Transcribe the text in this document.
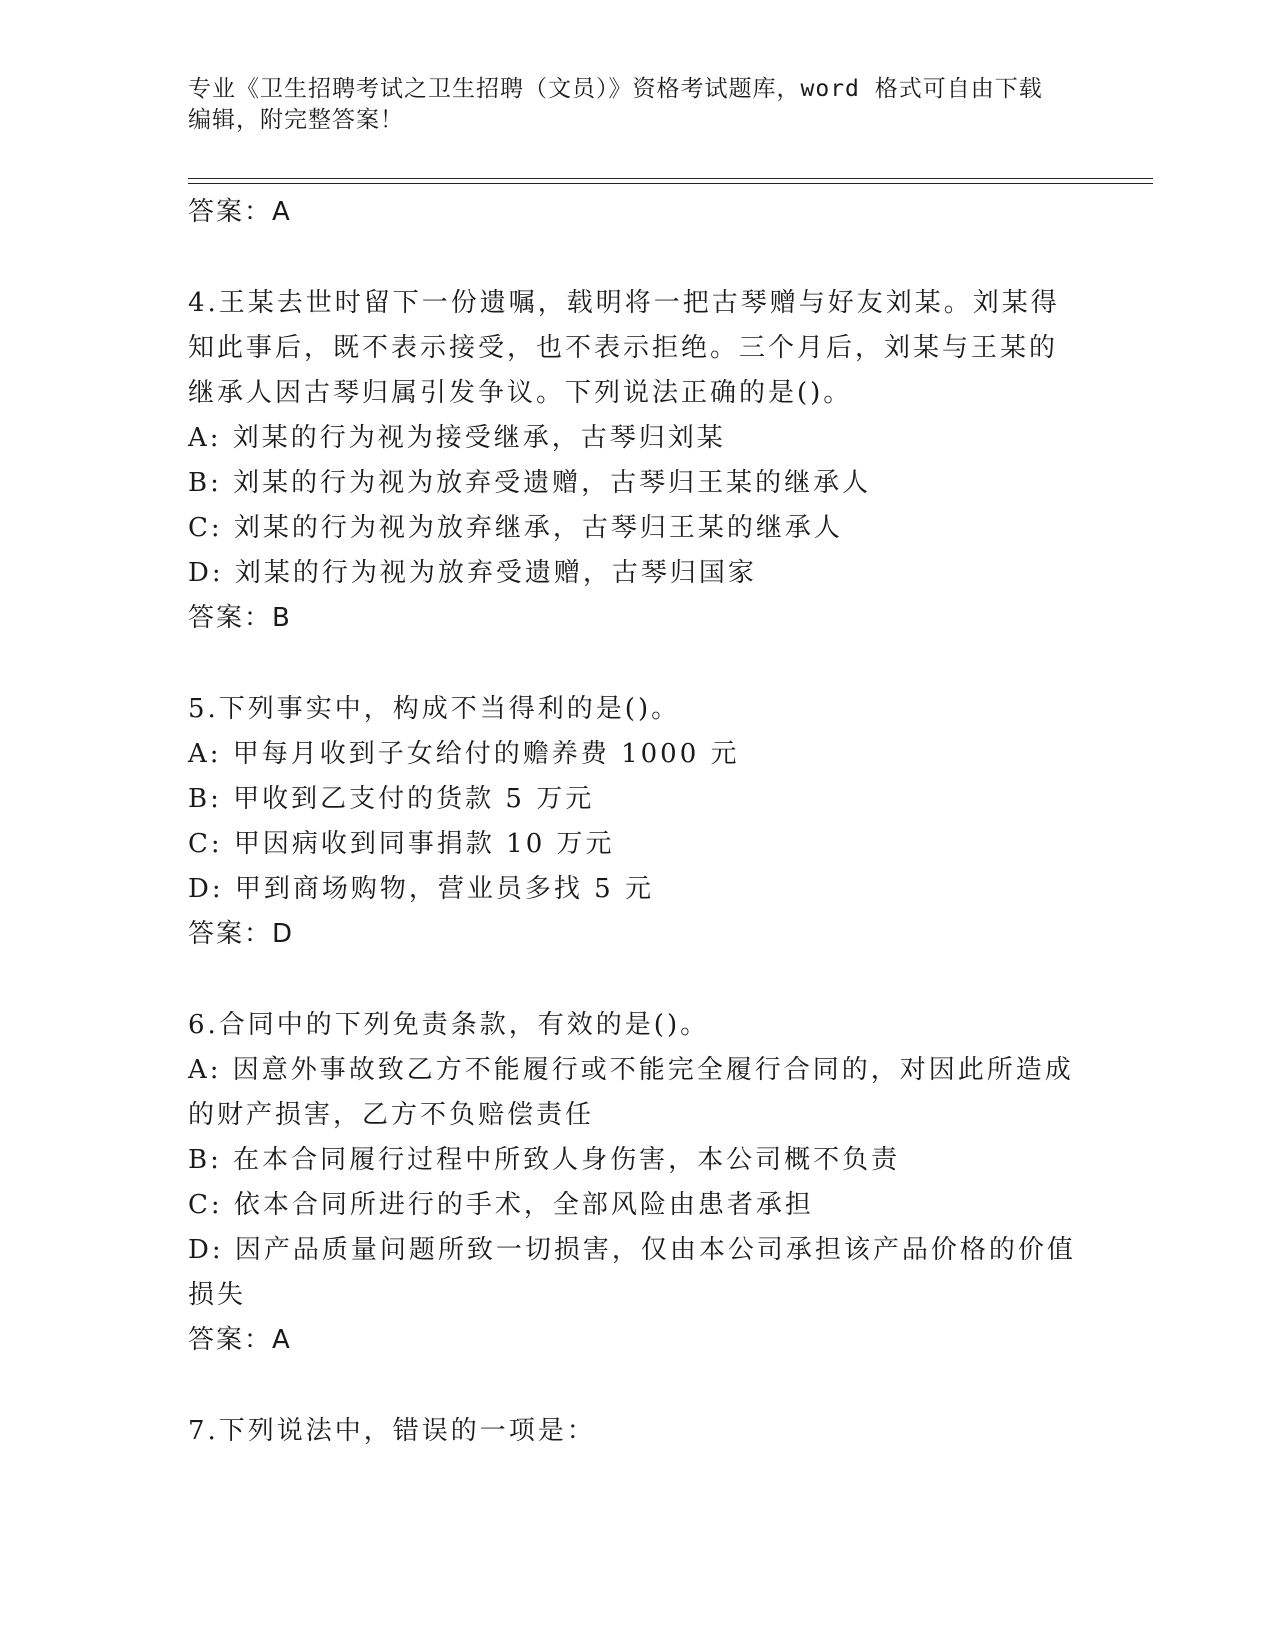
专业《卫生招聘考试之卫生招聘（文员）》资格考试题库，word 格式可自由下载
编辑，附完整答案！
答案：A
4.王某去世时留下一份遗嘱，载明将一把古琴赠与好友刘某。刘某得
知此事后，既不表示接受，也不表示拒绝。三个月后，刘某与王某的
继承人因古琴归属引发争议。下列说法正确的是()。
A: 刘某的行为视为接受继承，古琴归刘某
B: 刘某的行为视为放弃受遗赠，古琴归王某的继承人
C: 刘某的行为视为放弃继承，古琴归王某的继承人
D: 刘某的行为视为放弃受遗赠，古琴归国家
答案：B
5.下列事实中，构成不当得利的是()。
A: 甲每月收到子女给付的赡养费 1000 元
B: 甲收到乙支付的货款 5 万元
C: 甲因病收到同事捐款 10 万元
D: 甲到商场购物，营业员多找 5 元
答案：D
6.合同中的下列免责条款，有效的是()。
A: 因意外事故致乙方不能履行或不能完全履行合同的，对因此所造成
的财产损害，乙方不负赔偿责任
B: 在本合同履行过程中所致人身伤害，本公司概不负责
C: 依本合同所进行的手术，全部风险由患者承担
D: 因产品质量问题所致一切损害，仅由本公司承担该产品价格的价值
损失
答案：A
7.下列说法中，错误的一项是：
